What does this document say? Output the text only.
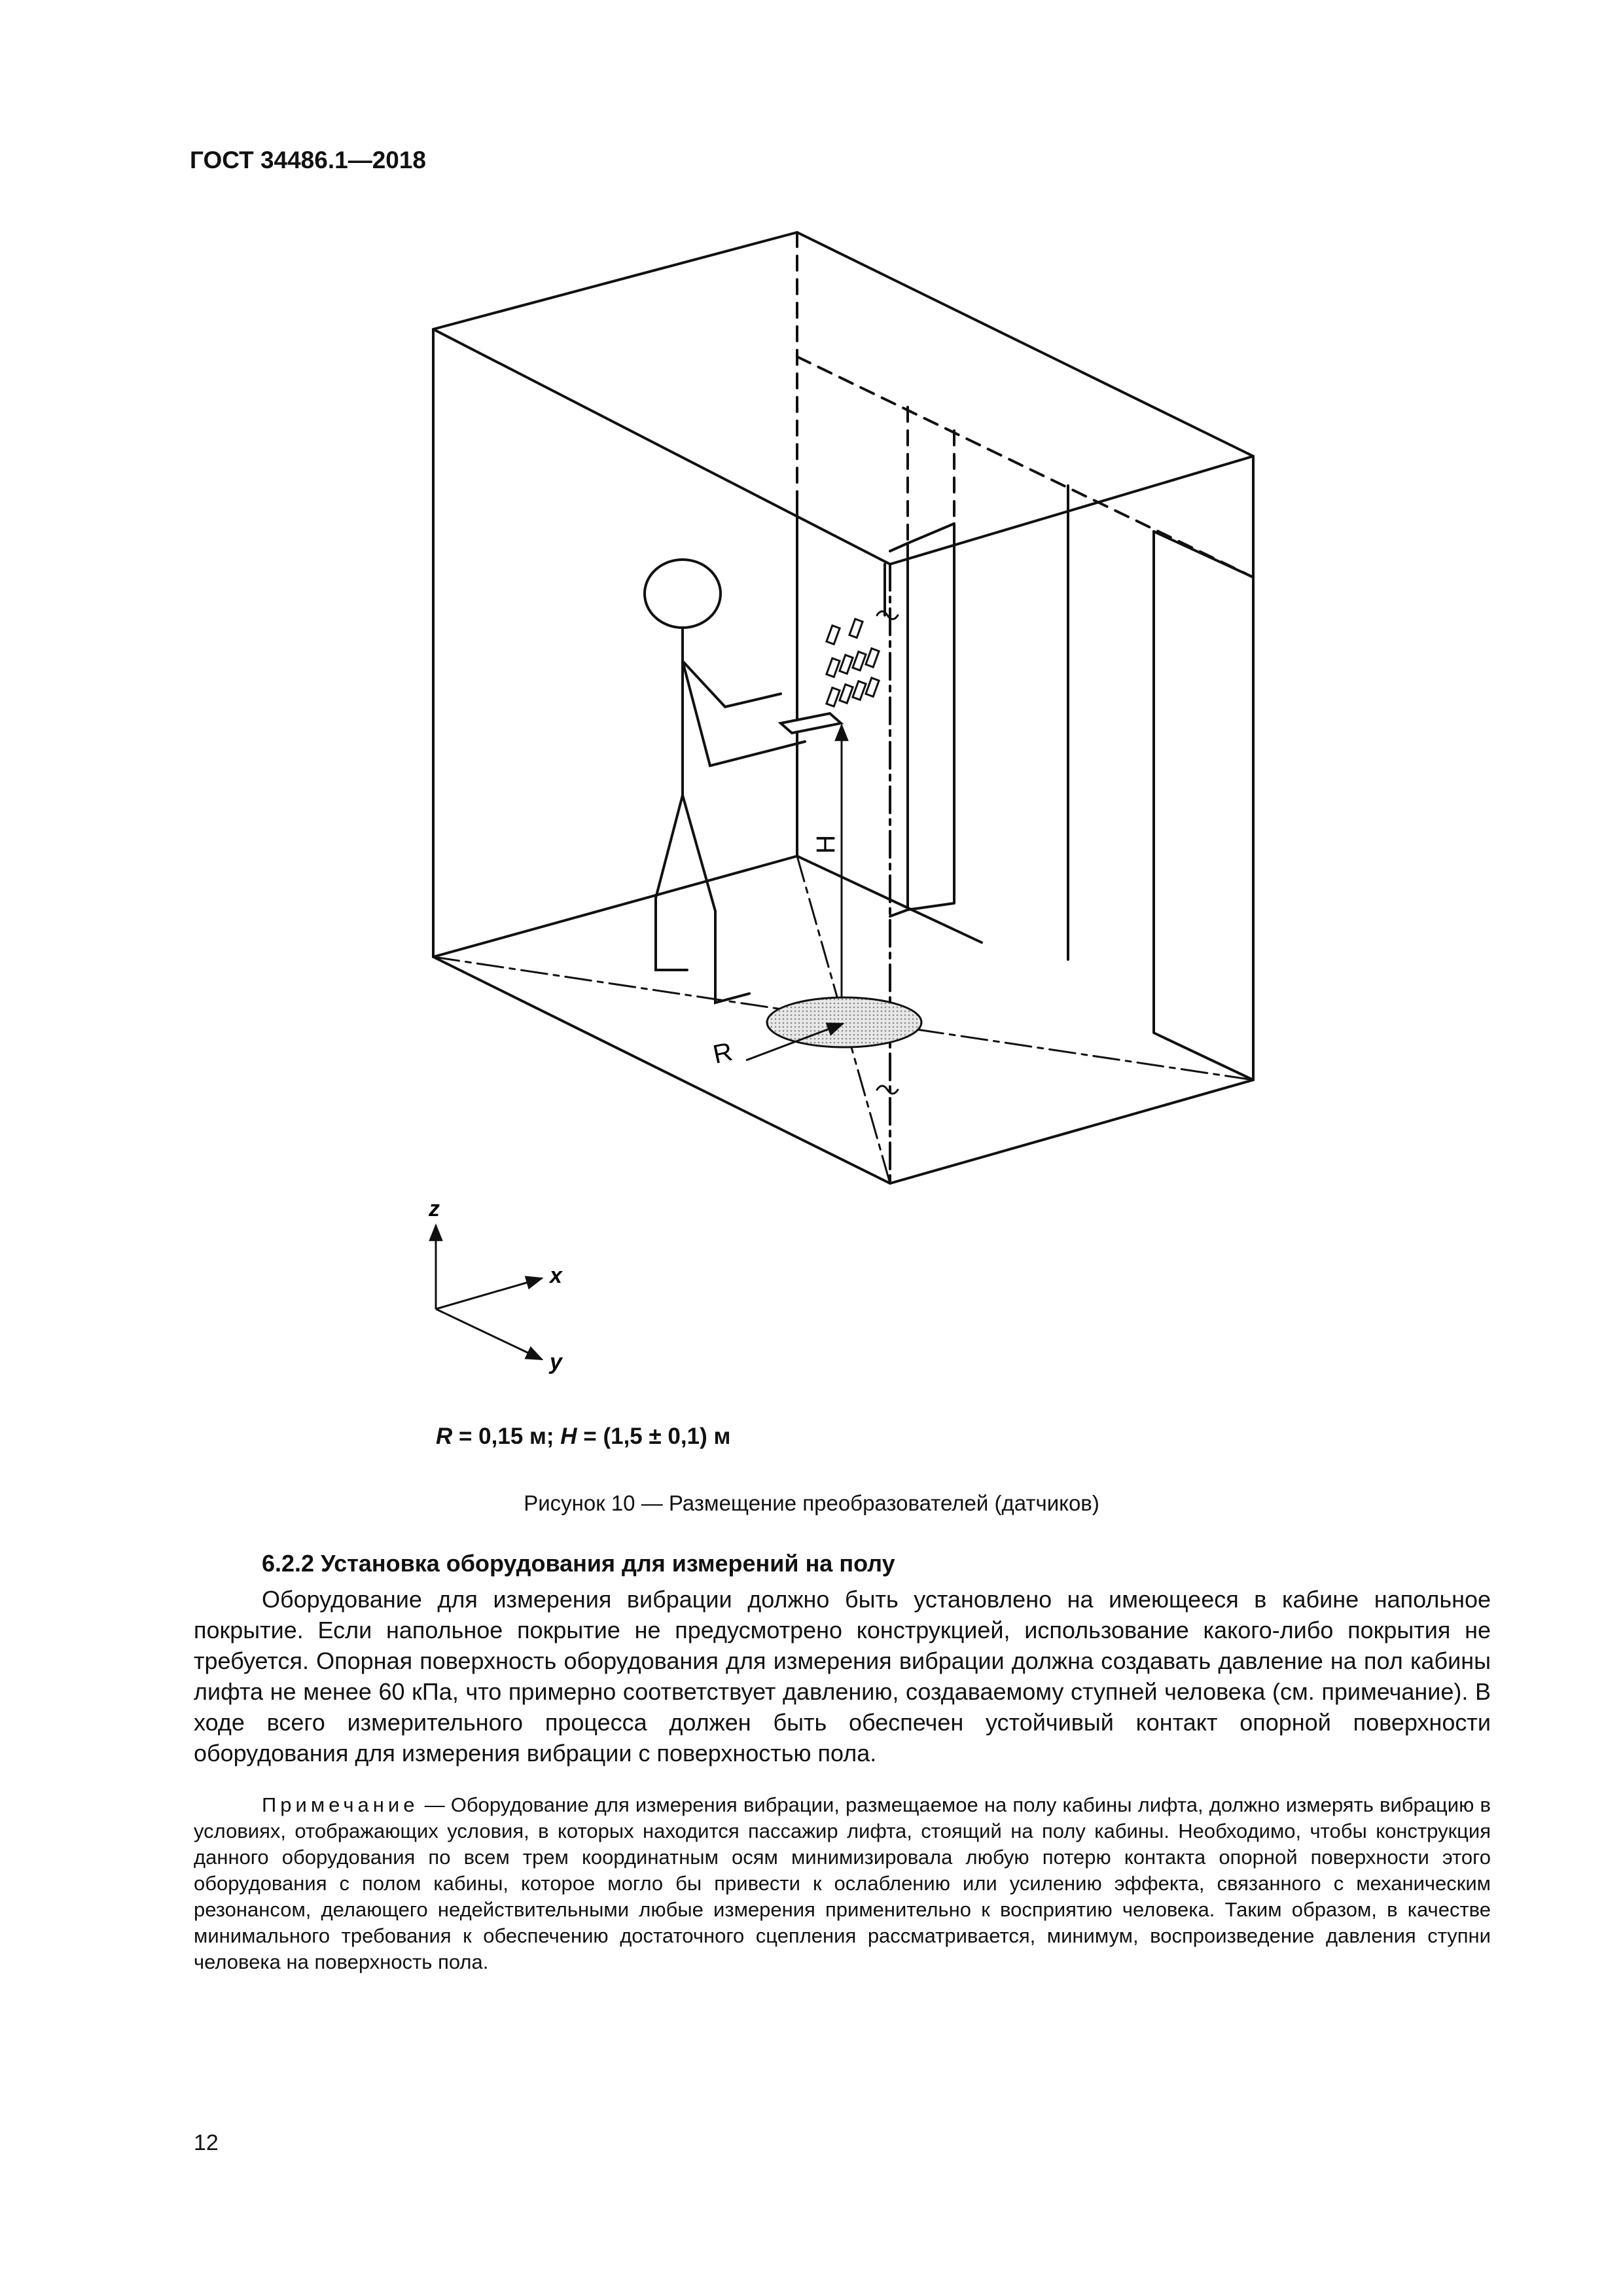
ГОСТ 34486.1—2018
H
R
z
x
y
R = 0,15 м; H = (1,5 ± 0,1) м
Рисунок 10 — Размещение преобразователей (датчиков)
6.2.2 Установка оборудования для измерений на полу
Оборудование для измерения вибрации должно быть установлено на имеющееся в кабине напольное покрытие. Если напольное покрытие не предусмотрено конструкцией, использование какого-либо покрытия не требуется. Опорная поверхность оборудования для измерения вибрации должна создавать давление на пол кабины лифта не менее 60 кПа, что примерно соответствует давлению, создаваемому ступней человека (см. примечание). В ходе всего измерительного процесса должен быть обеспечен устойчивый контакт опорной поверхности оборудования для измерения вибрации с поверхностью пола.
Примечание — Оборудование для измерения вибрации, размещаемое на полу кабины лифта, должно измерять вибрацию в условиях, отображающих условия, в которых находится пассажир лифта, стоящий на полу кабины. Необходимо, чтобы конструкция данного оборудования по всем трем координатным осям минимизировала любую потерю контакта опорной поверхности этого оборудования с полом кабины, которое могло бы привести к ослаблению или усилению эффекта, связанного с механическим резонансом, делающего недействительными любые измерения применительно к восприятию человека. Таким образом, в качестве минимального требования к обеспечению достаточного сцепления рассматривается, минимум, воспроизведение давления ступни человека на поверхность пола.
12
